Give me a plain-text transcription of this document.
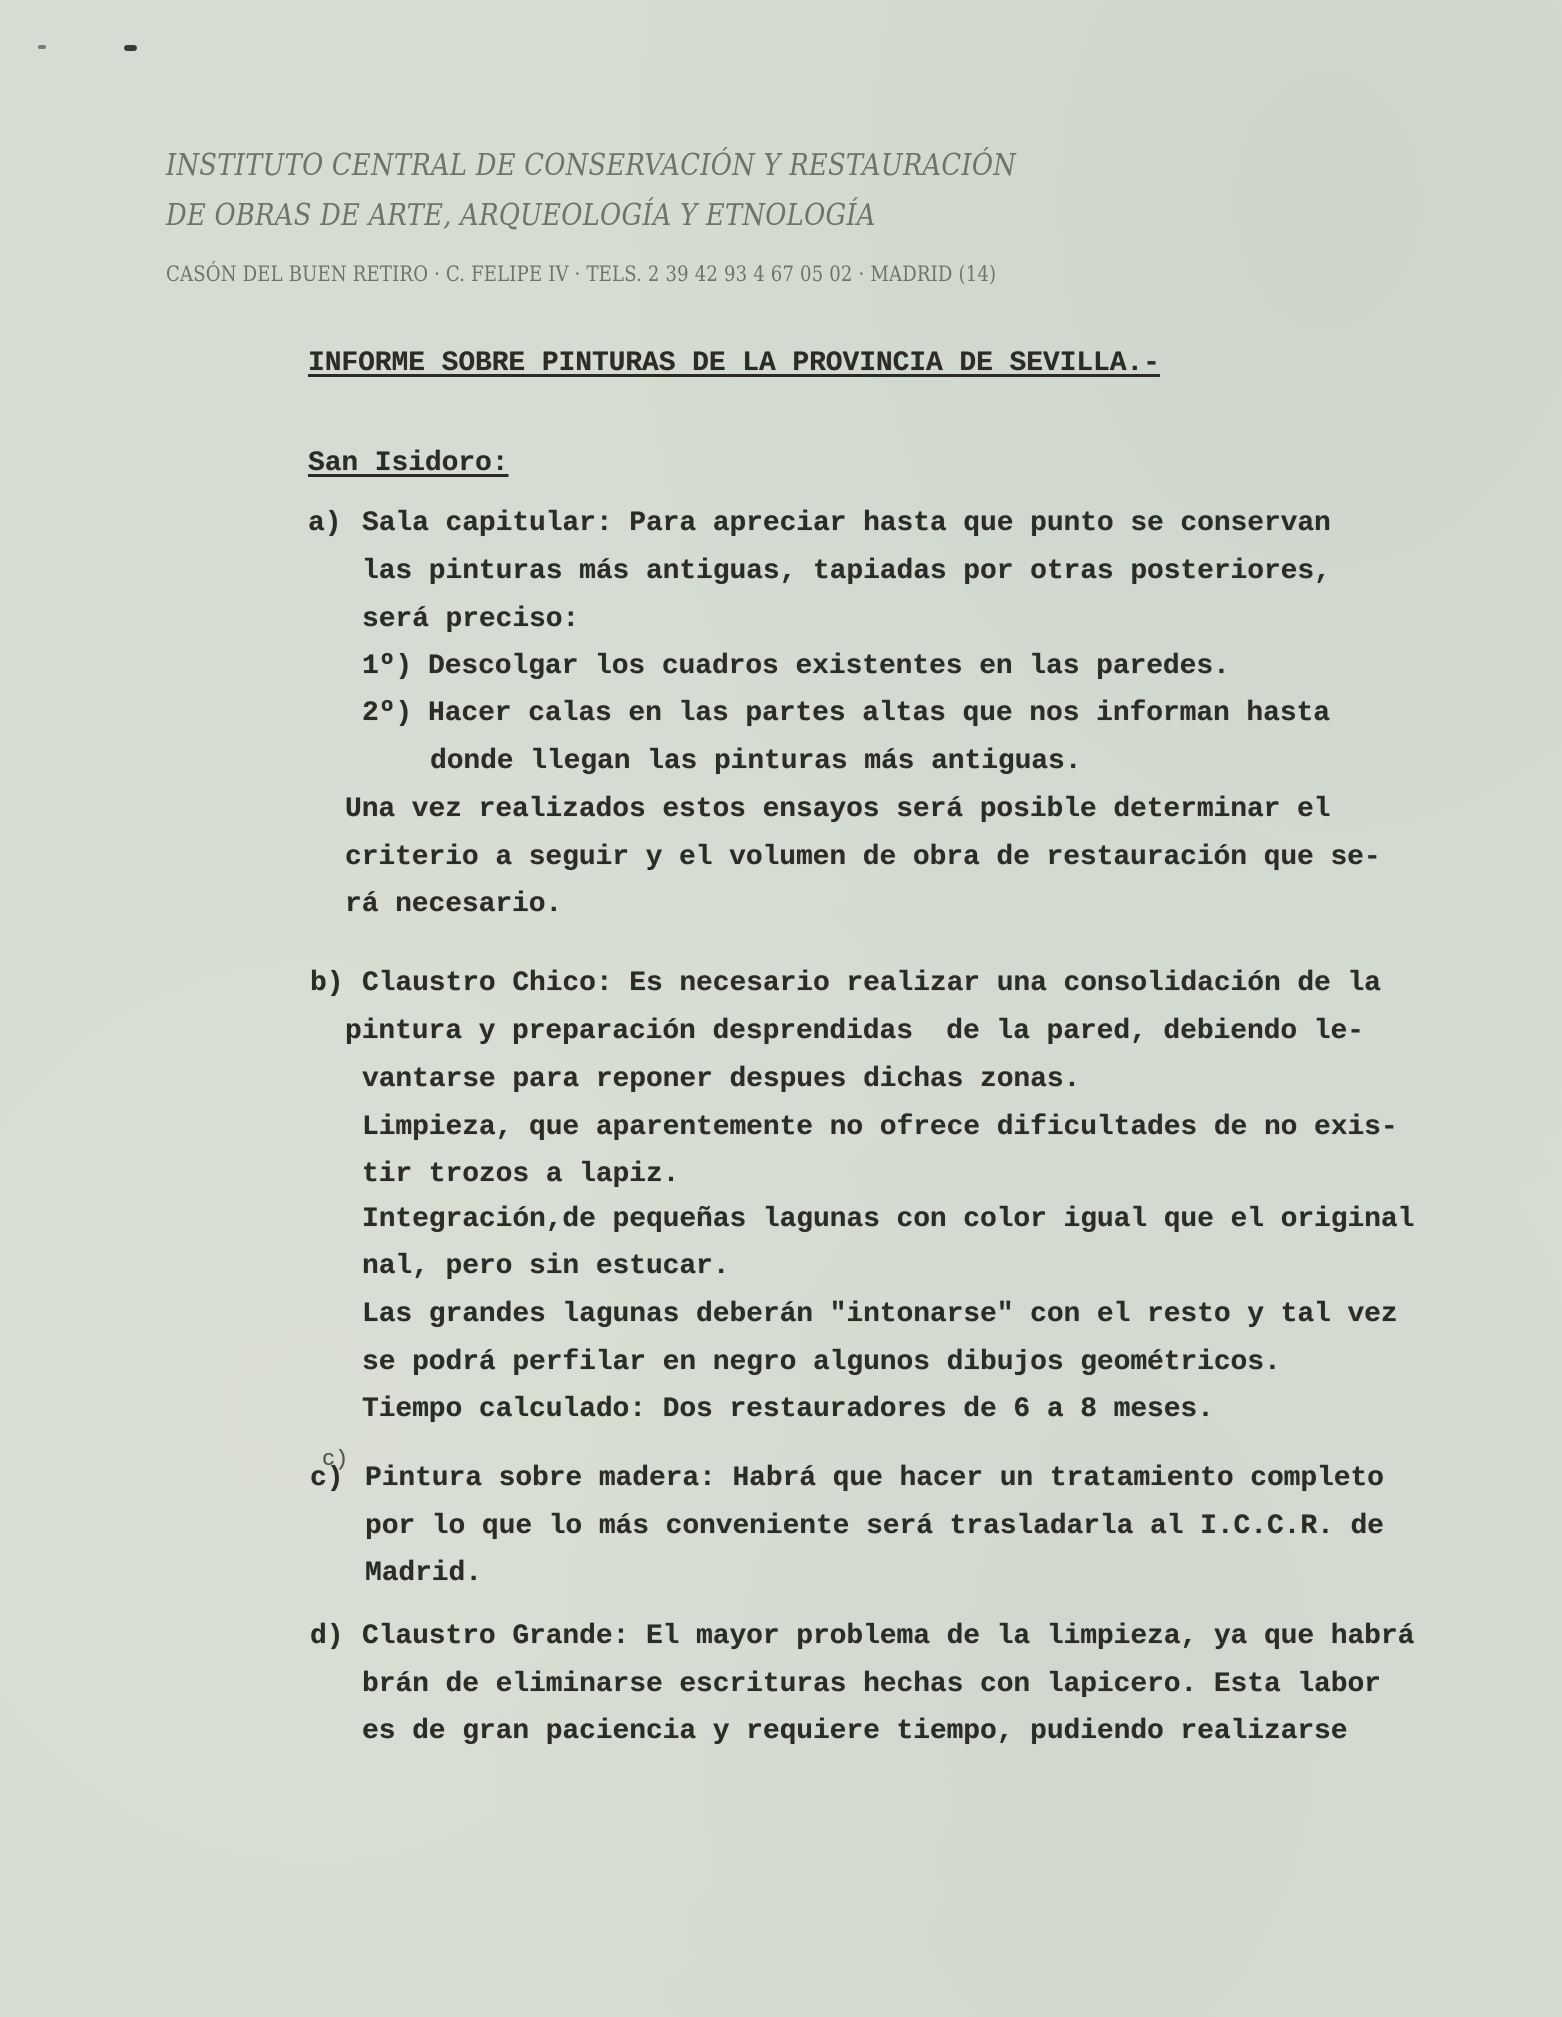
INSTITUTO CENTRAL DE CONSERVACIÓN Y RESTAURACIÓN
DE OBRAS DE ARTE, ARQUEOLOGÍA Y ETNOLOGÍA
CASÓN DEL BUEN RETIRO · C. FELIPE IV · TELS. 2 39 42 93 4 67 05 02 · MADRID (14)
INFORME SOBRE PINTURAS DE LA PROVINCIA DE SEVILLA.-
San Isidoro:
a) Sala capitular: Para apreciar hasta que punto se conservan
las pinturas más antiguas, tapiadas por otras posteriores,
será preciso:
1º) Descolgar los cuadros existentes en las paredes.
2º) Hacer calas en las partes altas que nos informan hasta
donde llegan las pinturas más antiguas.
Una vez realizados estos ensayos será posible determinar el
criterio a seguir y el volumen de obra de restauración que se-
rá necesario.
b) Claustro Chico: Es necesario realizar una consolidación de la
pintura y preparación desprendidas  de la pared, debiendo le-
vantarse para reponer despues dichas zonas.
Limpieza, que aparentemente no ofrece dificultades de no exis-
tir trozos a lapiz.
Integración,de pequeñas lagunas con color igual que el original
nal, pero sin estucar.
Las grandes lagunas deberán "intonarse" con el resto y tal vez
se podrá perfilar en negro algunos dibujos geométricos.
Tiempo calculado: Dos restauradores de 6 a 8 meses.
c)
c)
Pintura sobre madera: Habrá que hacer un tratamiento completo
por lo que lo más conveniente será trasladarla al I.C.C.R. de
Madrid.
d) Claustro Grande: El mayor problema de la limpieza, ya que habrá
brán de eliminarse escrituras hechas con lapicero. Esta labor
es de gran paciencia y requiere tiempo, pudiendo realizarse
